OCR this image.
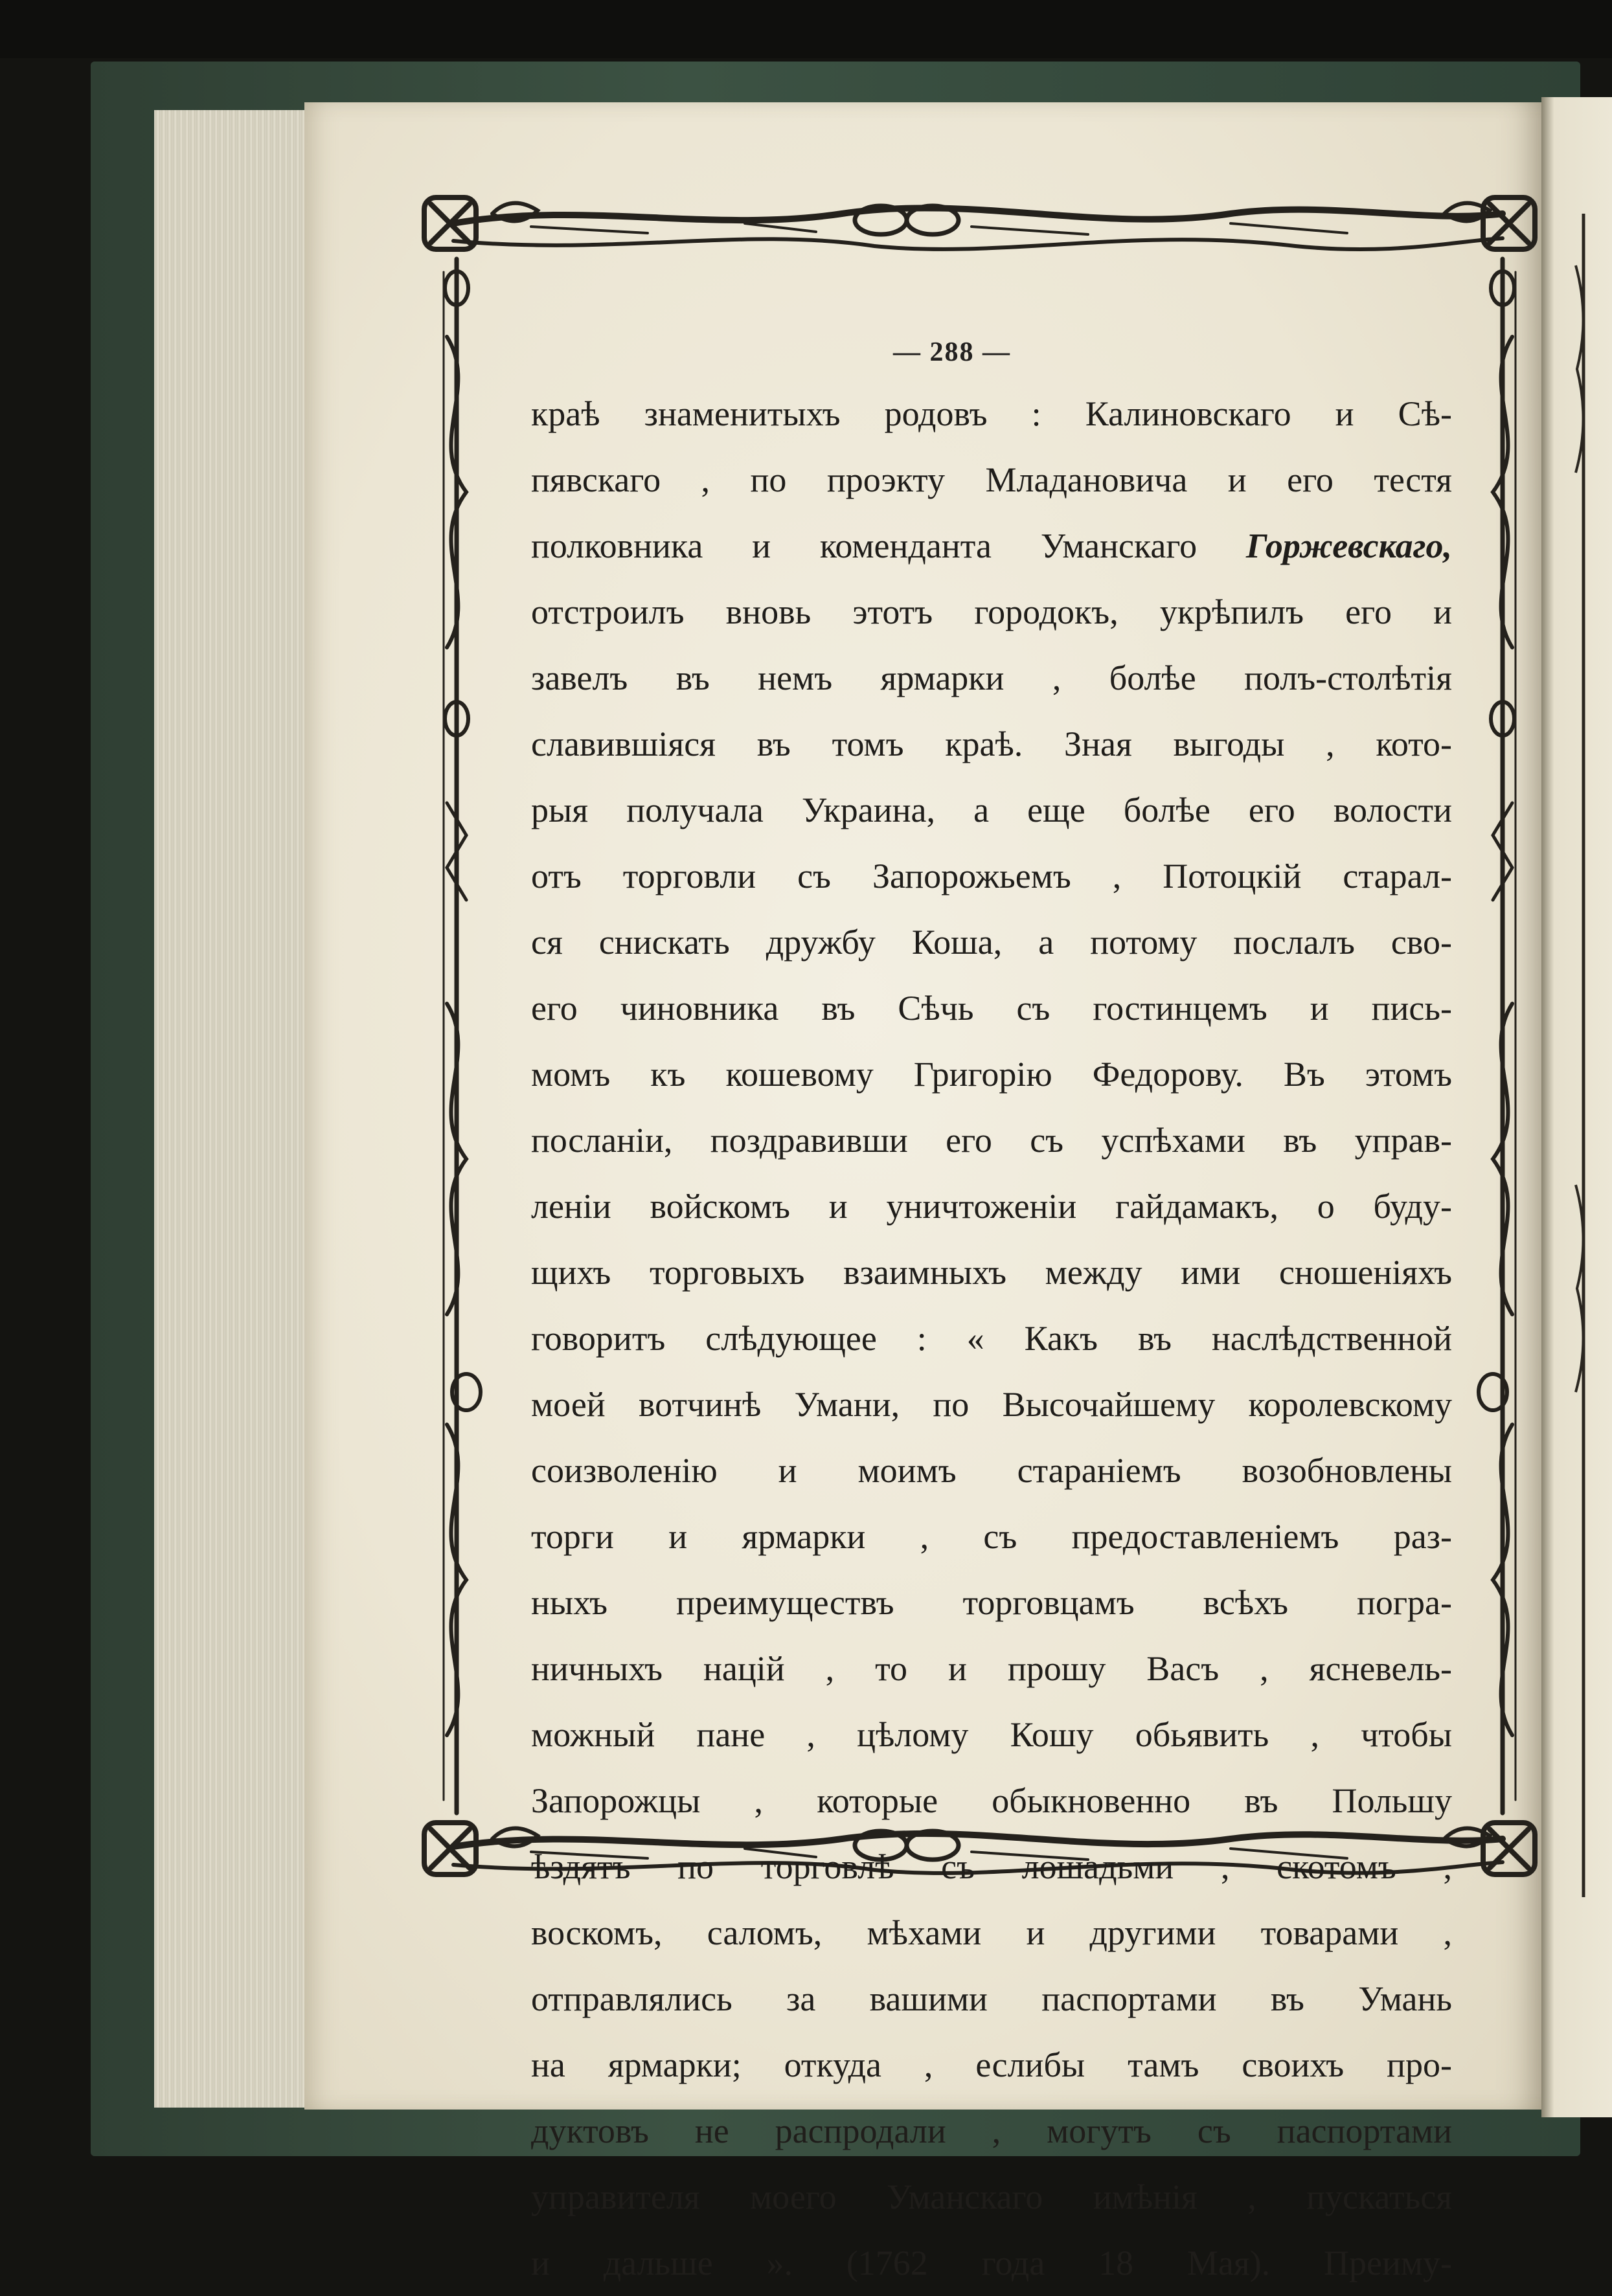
— 288 —
краѣ знаменитыхъ родовъ : Калиновскаго и Сѣ-
пявскаго , по проэкту Младановича и его тестя
полковника и коменданта Уманскаго Горжевскаго,
отстроилъ вновь этотъ городокъ, укрѣпилъ его и
завелъ въ немъ ярмарки , болѣе полъ-столѣтія
славившіяся въ томъ краѣ. Зная выгоды , кото-
рыя получала Украина, а еще болѣе его волости
отъ торговли съ Запорожьемъ , Потоцкій старал-
ся снискать дружбу Коша, а потому послалъ сво-
его чиновника въ Сѣчь съ гостинцемъ и пись-
момъ къ кошевому Григорію Федорову. Въ этомъ
посланіи, поздравивши его съ успѣхами въ управ-
леніи войскомъ и уничтоженіи гайдамакъ, о буду-
щихъ торговыхъ взаимныхъ между ими сношеніяхъ
говоритъ слѣдующее : « Какъ въ наслѣдственной
моей вотчинѣ Умани, по Высочайшему королевскому
соизволенію и моимъ стараніемъ возобновлены
торги и ярмарки , съ предоставленіемъ раз-
ныхъ преимуществъ торговцамъ всѣхъ погра-
ничныхъ націй , то и прошу Васъ , ясневель-
можный пане , цѣлому Кошу обьявить , чтобы
Запорожцы , которые обыкновенно въ Польшу
ѣздятъ по торговлѣ съ лошадьми , скотомъ ,
воскомъ, саломъ, мѣхами и другими товарами ,
отправлялись за вашими паспортами въ Умань
на ярмарки; откуда , еслибы тамъ своихъ про-
дуктовъ не распродали , могутъ съ паспортами
управителя моего Уманскаго имѣнія , пускаться
и дальше ». (1762 года 18 Мая). Преиму-
